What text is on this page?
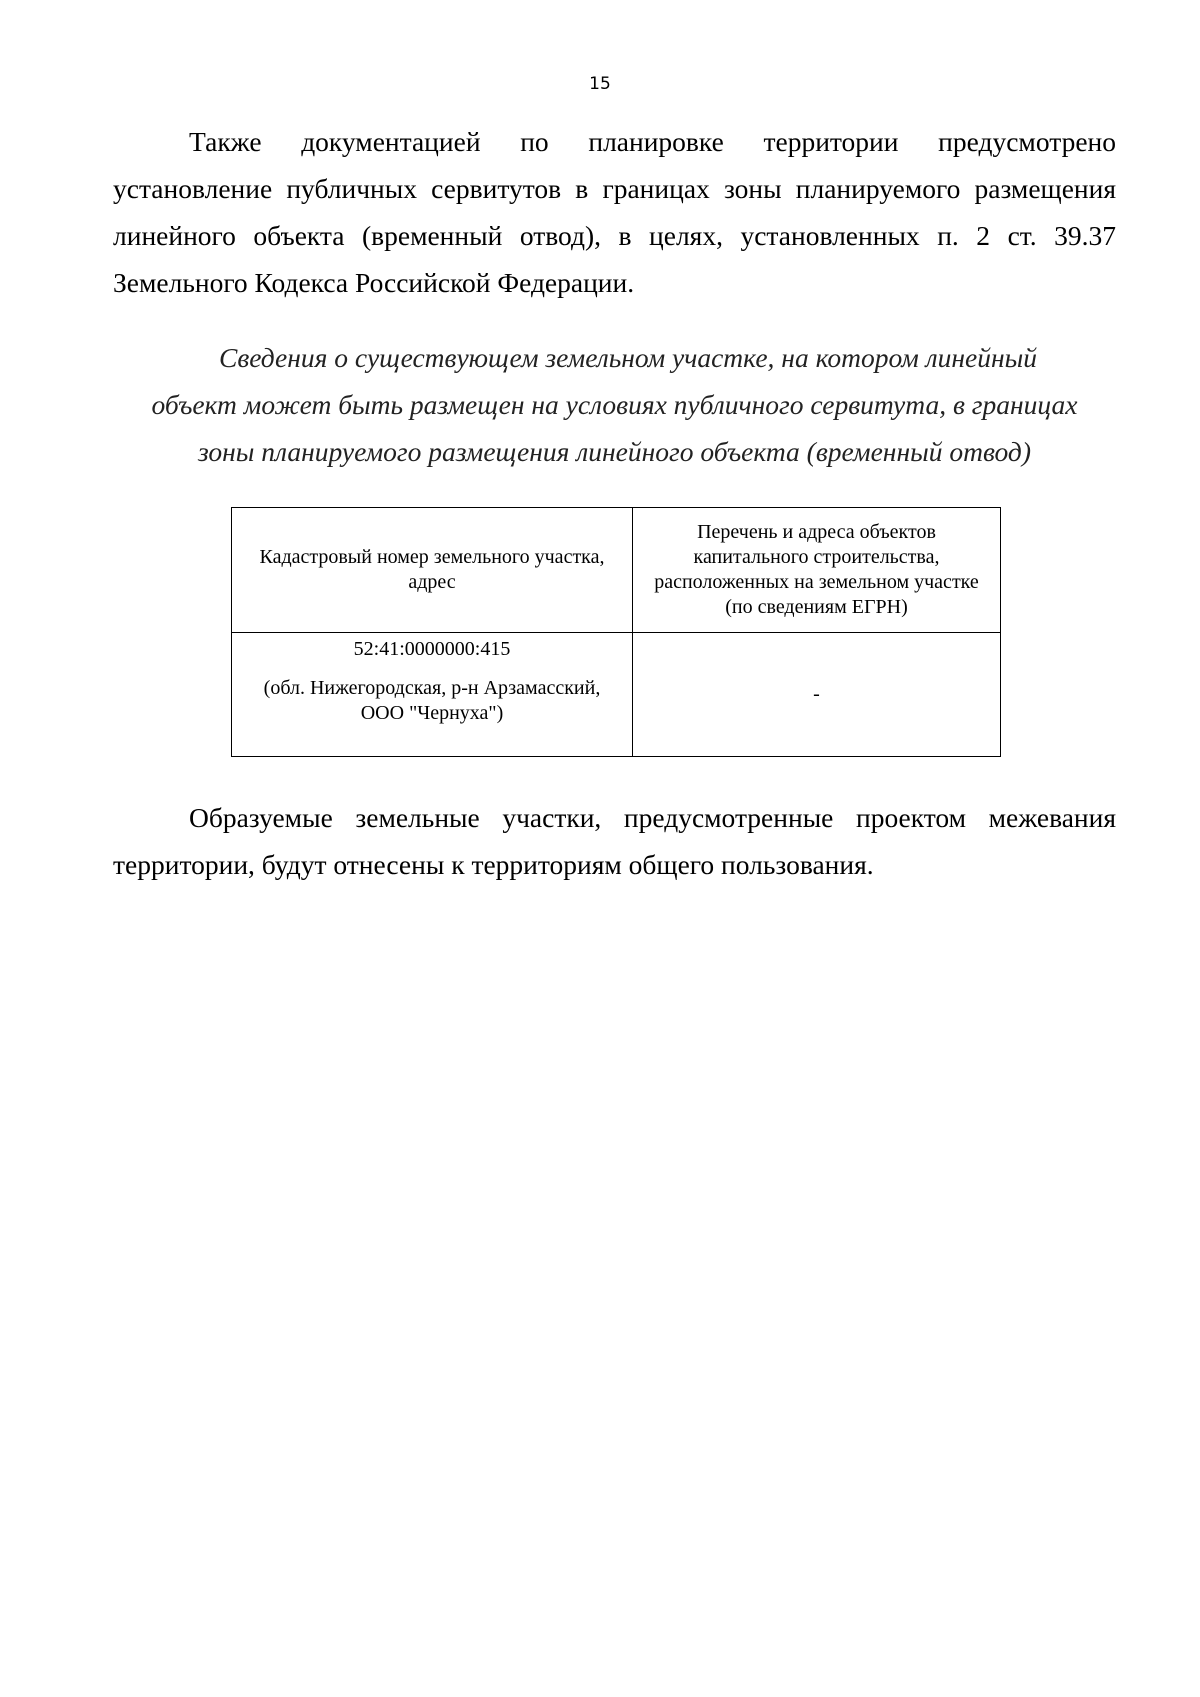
15

Также документацией по планировке территории предусмотрено установление публичных сервитутов в границах зоны планируемого размещения линейного объекта (временный отвод), в целях, установленных п. 2 ст. 39.37 Земельного Кодекса Российской Федерации.

Сведения о существующем земельном участке, на котором линейный
объект может быть размещен на условиях публичного сервитута, в границах
зоны планируемого размещения линейного объекта (временный отвод)
Кадастровый номер земельного участка, адрес	Перечень и адреса объектов капитального строительства, расположенных на земельном участке (по сведениям ЕГРН)

52:41:0000000:415
(обл. Нижегородская, р-н Арзамасский, ООО "Чернуха")	-

Образуемые земельные участки, предусмотренные проектом межевания территории, будут отнесены к территориям общего пользования.
